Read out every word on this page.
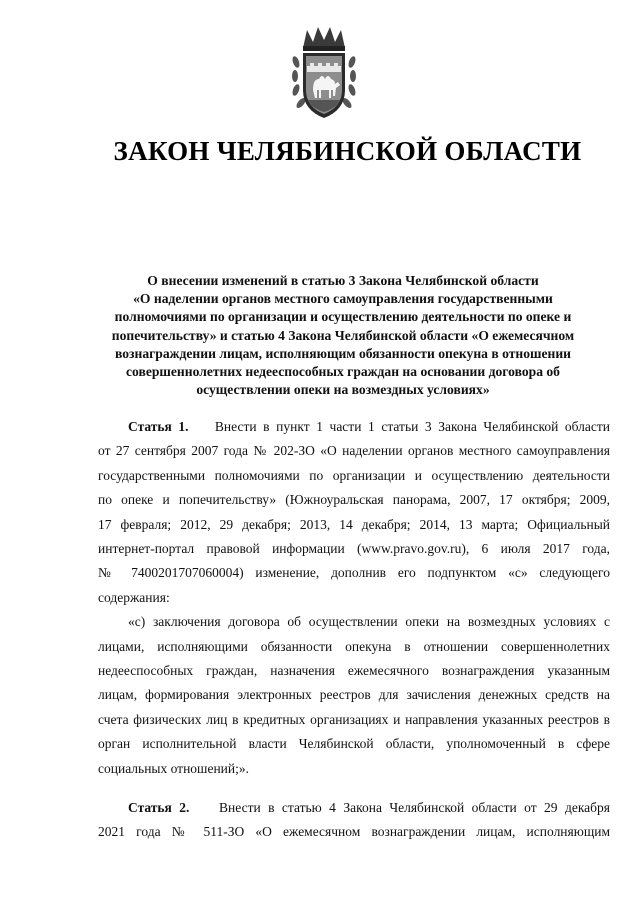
ЗАКОН ЧЕЛЯБИНСКОЙ ОБЛАСТИ
О внесении изменений в статью 3 Закона Челябинской области
«О наделении органов местного самоуправления государственными
полномочиями по организации и осуществлению деятельности по опеке и
попечительству» и статью 4 Закона Челябинской области «О ежемесячном
вознаграждении лицам, исполняющим обязанности опекуна в отношении
совершеннолетних недееспособных граждан на основании договора об
осуществлении опеки на возмездных условиях»
Статья 1. Внести в пункт 1 части 1 статьи 3 Закона Челябинской области
от 27 сентября 2007 года № 202-ЗО «О наделении органов местного самоуправления
государственными полномочиями по организации и осуществлению деятельности
по опеке и попечительству» (Южноуральская панорама, 2007, 17 октября; 2009,
17 февраля; 2012, 29 декабря; 2013, 14 декабря; 2014, 13 марта; Официальный
интернет-портал правовой информации (www.pravo.gov.ru), 6 июля 2017 года,
№ 7400201707060004) изменение, дополнив его подпунктом «с» следующего
содержания:
«с) заключения договора об осуществлении опеки на возмездных условиях с
лицами, исполняющими обязанности опекуна в отношении совершеннолетних
недееспособных граждан, назначения ежемесячного вознаграждения указанным
лицам, формирования электронных реестров для зачисления денежных средств на
счета физических лиц в кредитных организациях и направления указанных реестров в
орган исполнительной власти Челябинской области, уполномоченный в сфере
социальных отношений;».
Статья 2. Внести в статью 4 Закона Челябинской области от 29 декабря
2021 года № 511-ЗО «О ежемесячном вознаграждении лицам, исполняющим
